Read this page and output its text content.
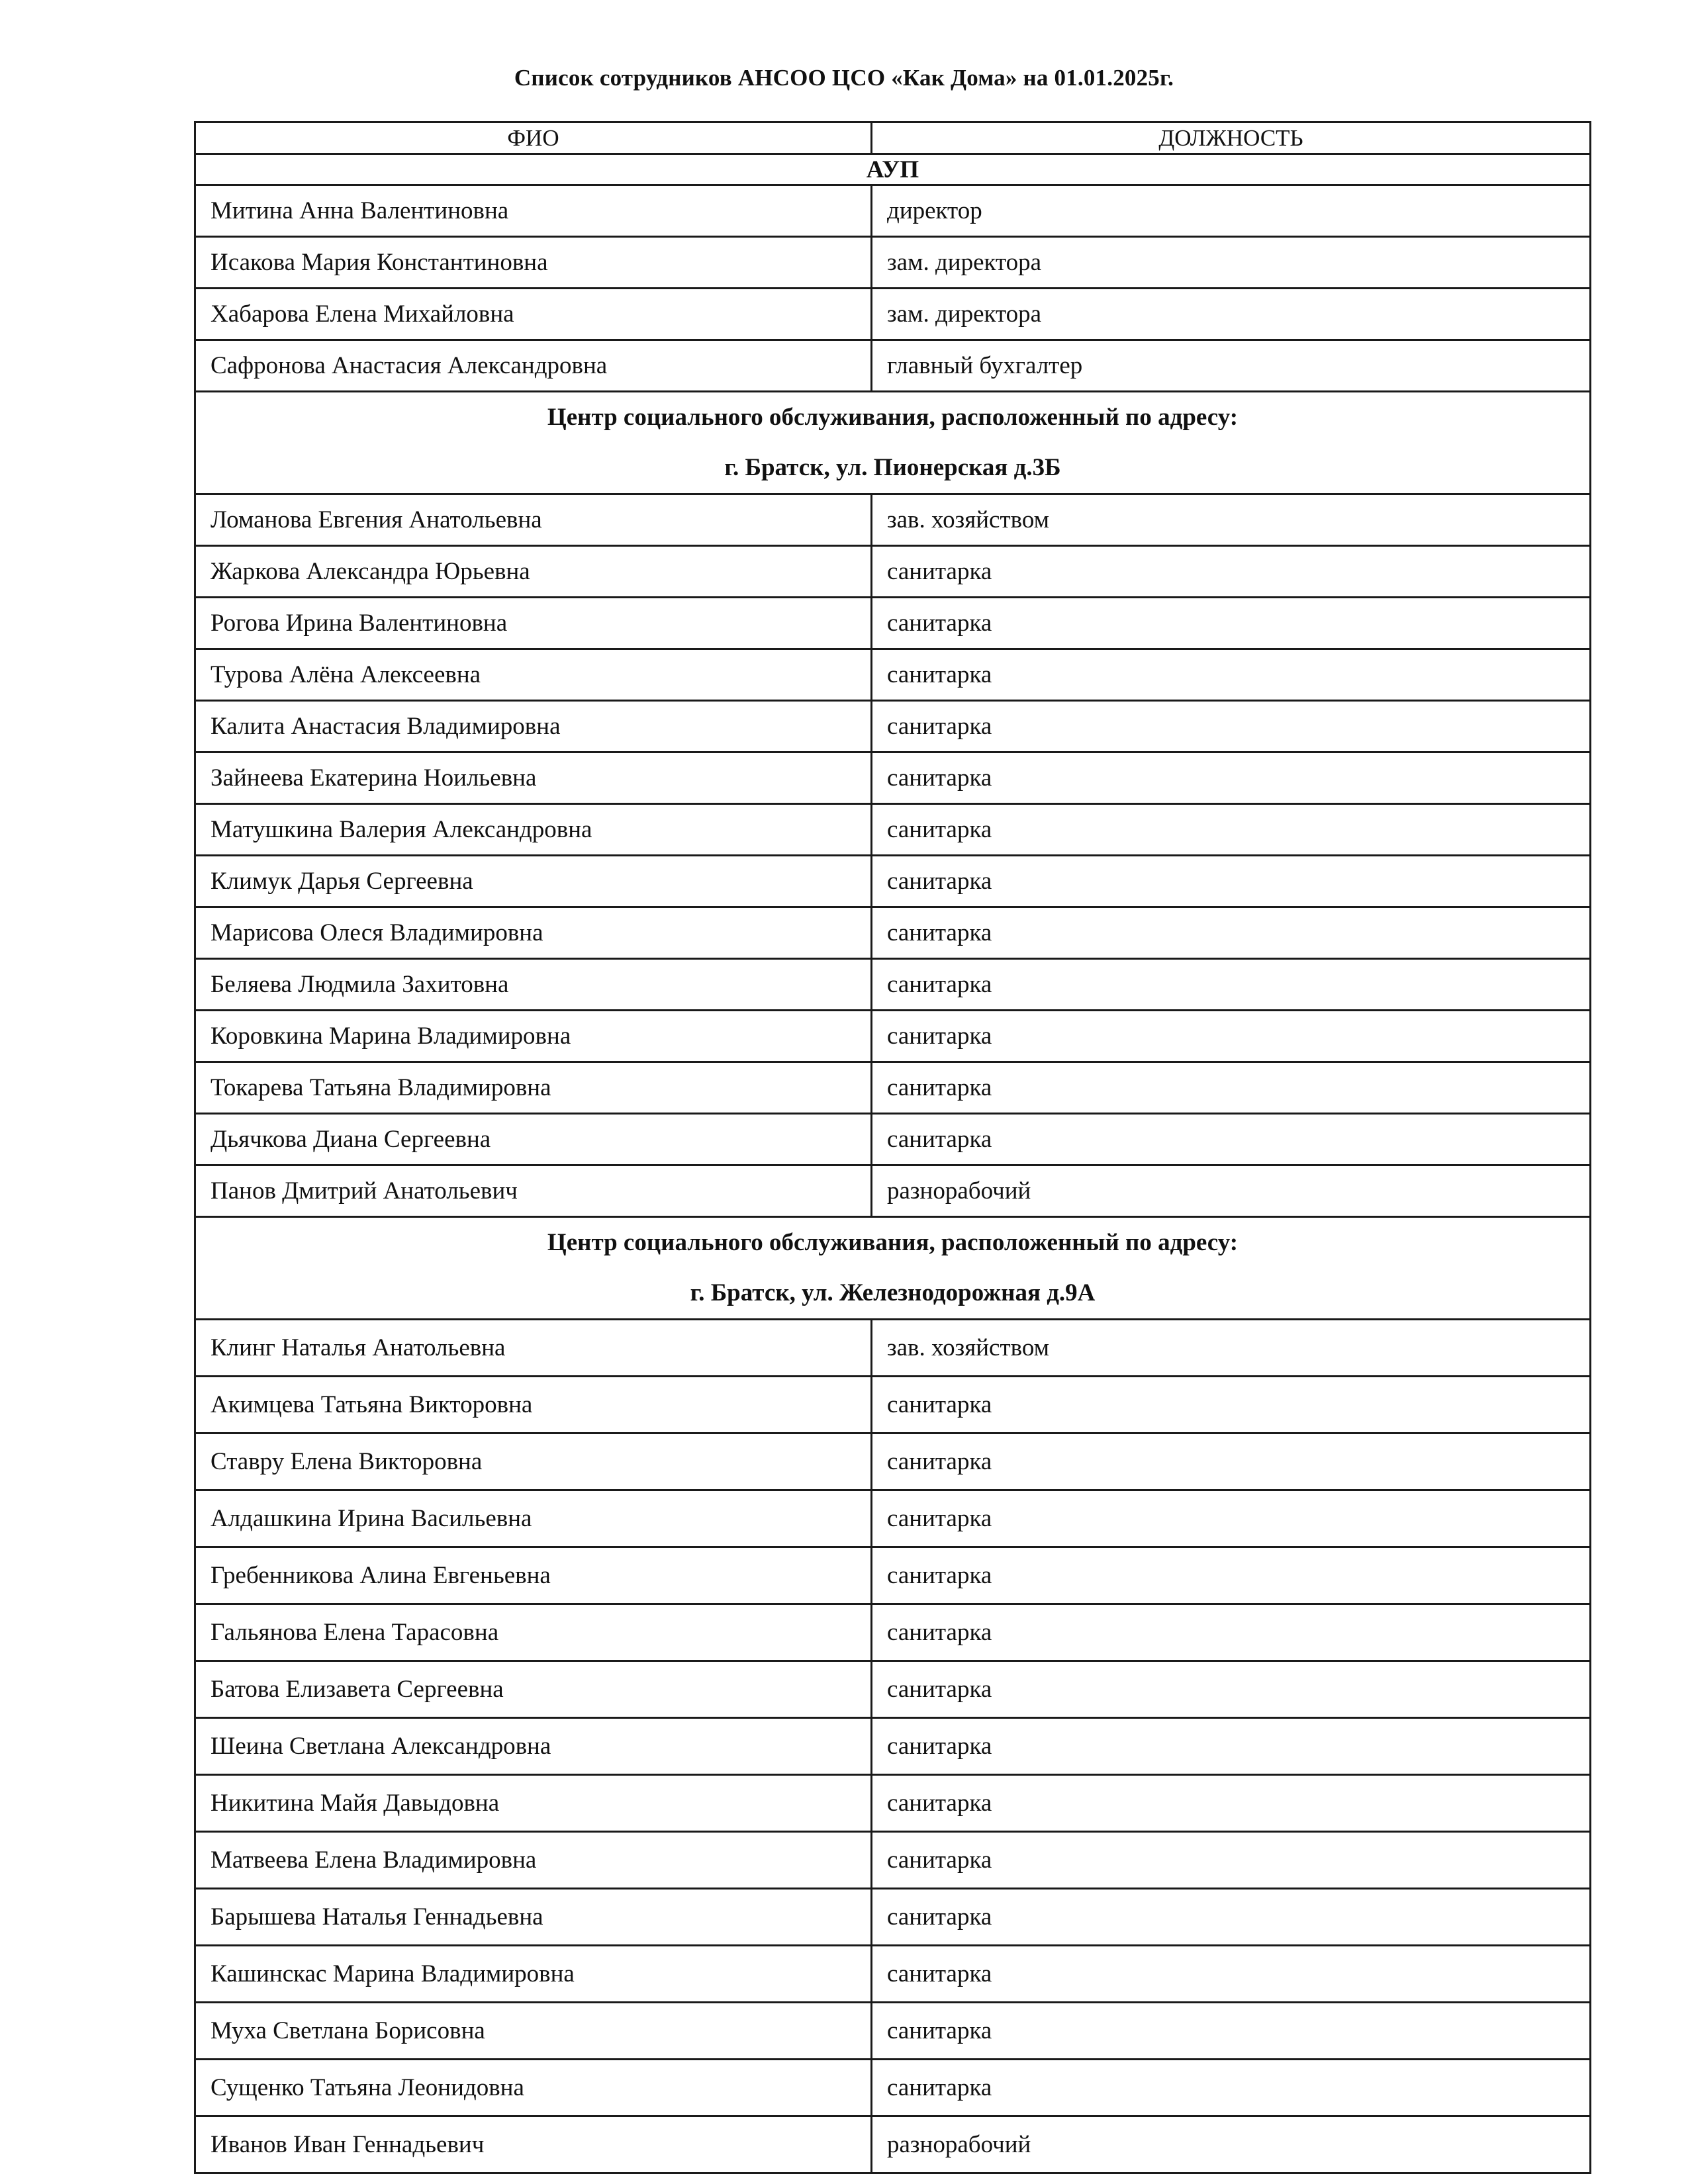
Список сотрудников АНСОО ЦСО «Как Дома» на 01.01.2025г.
ФИО	ДОЛЖНОСТЬ

АУП	

Митина Анна Валентиновна	директор
Исакова Мария Константиновна	зам. директора
Хабарова Елена Михайловна	зам. директора
Сафронова Анастасия Александровна	главный бухгалтер

Центр социального обслуживания, расположенный по адресу:
г. Братск, ул. Пионерская д.3Б	

Ломанова Евгения Анатольевна	зав. хозяйством
Жаркова Александра Юрьевна	санитарка
Рогова Ирина Валентиновна	санитарка
Турова Алёна Алексеевна	санитарка
Калита Анастасия Владимировна	санитарка
Зайнеева Екатерина Ноильевна	санитарка
Матушкина Валерия Александровна	санитарка
Климук Дарья Сергеевна	санитарка
Марисова Олеся Владимировна	санитарка
Беляева Людмила Захитовна	санитарка
Коровкина Марина Владимировна	санитарка
Токарева Татьяна Владимировна	санитарка
Дьячкова Диана Сергеевна	санитарка
Панов Дмитрий Анатольевич	разнорабочий

Центр социального обслуживания, расположенный по адресу:
г. Братск, ул. Железнодорожная д.9А	

Клинг Наталья Анатольевна	зав. хозяйством
Акимцева Татьяна Викторовна	санитарка
Ставру Елена Викторовна	санитарка
Алдашкина Ирина Васильевна	санитарка
Гребенникова Алина Евгеньевна	санитарка
Гальянова Елена Тарасовна	санитарка
Батова Елизавета Сергеевна	санитарка
Шеина Светлана Александровна	санитарка
Никитина Майя Давыдовна	санитарка
Матвеева Елена Владимировна	санитарка
Барышева Наталья Геннадьевна	санитарка
Кашинскас Марина Владимировна	санитарка
Муха Светлана Борисовна	санитарка
Сущенко Татьяна Леонидовна	санитарка
Иванов Иван Геннадьевич	разнорабочий
